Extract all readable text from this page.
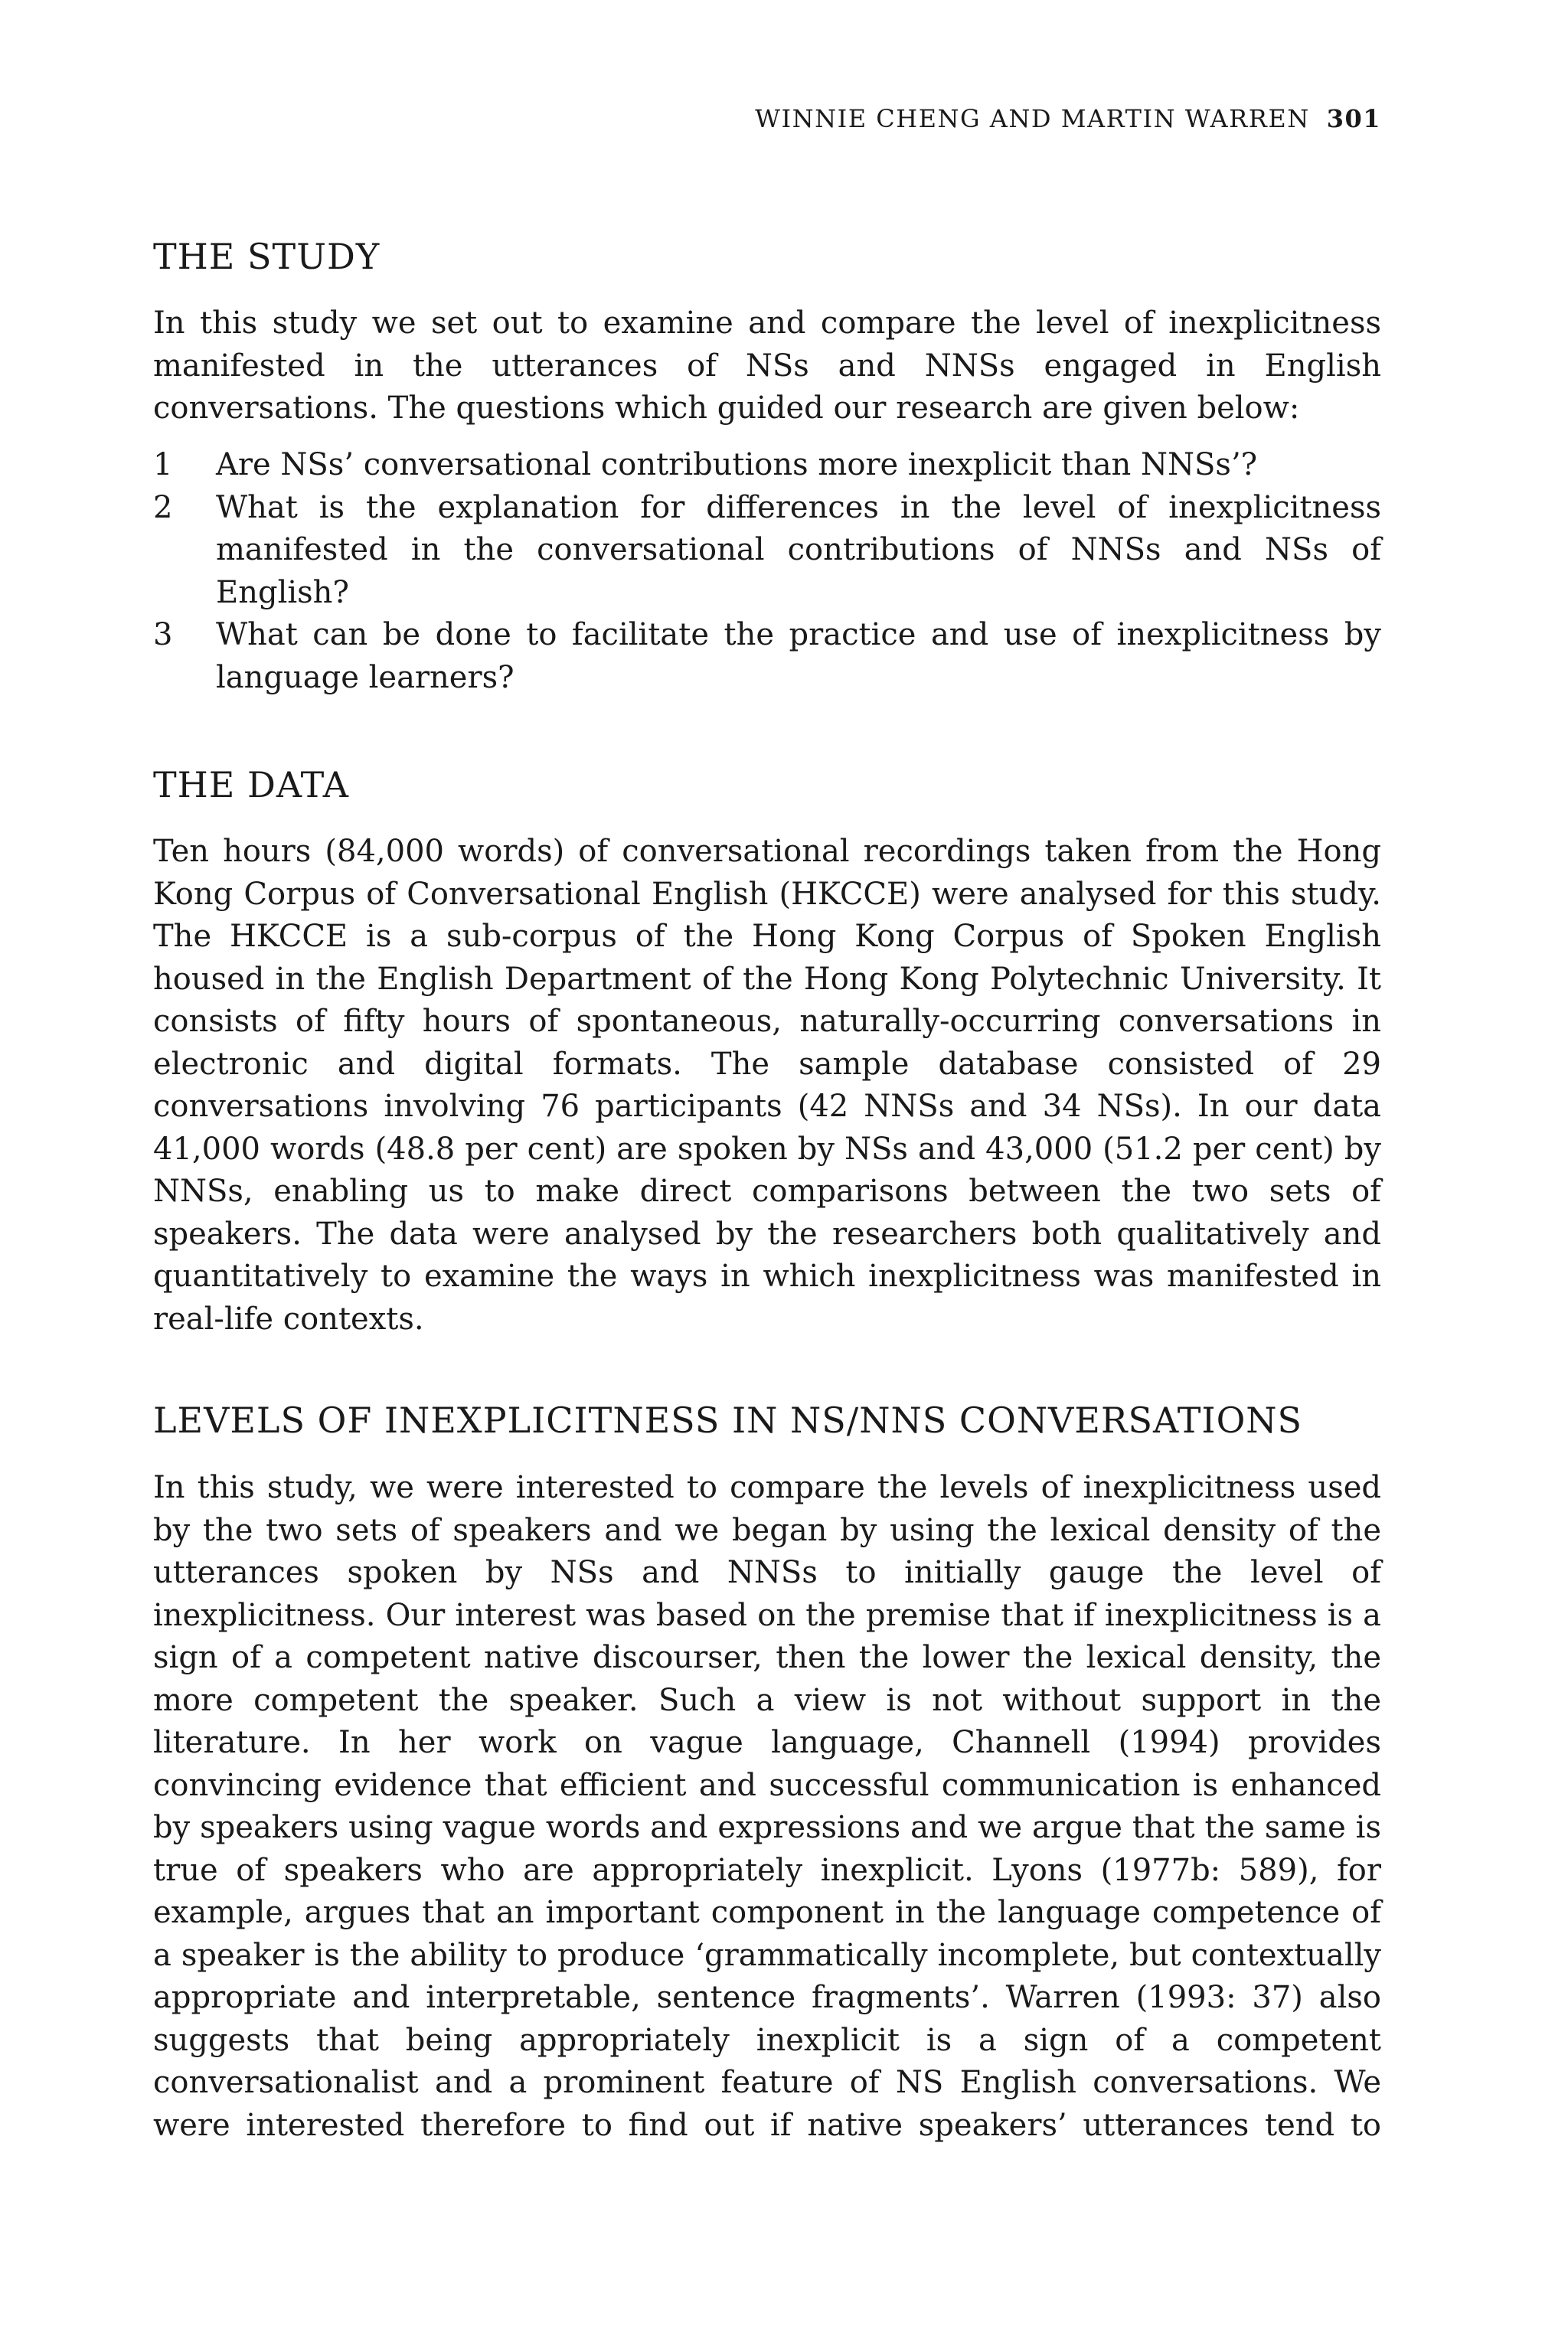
WINNIE CHENG AND MARTIN WARREN 301
THE STUDY

In this study we set out to examine and compare the level of inexplicitness manifested in the utterances of NSs and NNSs engaged in English conversations. The questions which guided our research are given below:

1 Are NSs’ conversational contributions more inexplicit than NNSs’?
2 What is the explanation for differences in the level of inexplicitness manifested in the conversational contributions of NNSs and NSs of English?
3 What can be done to facilitate the practice and use of inexplicitness by language learners?
THE DATA

Ten hours (84,000 words) of conversational recordings taken from the Hong Kong Corpus of Conversational English (HKCCE) were analysed for this study. The HKCCE is a sub-corpus of the Hong Kong Corpus of Spoken English housed in the English Department of the Hong Kong Polytechnic University. It consists of fifty hours of spontaneous, naturally-occurring conversations in electronic and digital formats. The sample database consisted of 29 conversations involving 76 participants (42 NNSs and 34 NSs). In our data 41,000 words (48.8 per cent) are spoken by NSs and 43,000 (51.2 per cent) by NNSs, enabling us to make direct comparisons between the two sets of speakers. The data were analysed by the researchers both qualitatively and quantitatively to examine the ways in which inexplicitness was manifested in real-life contexts.

LEVELS OF INEXPLICITNESS IN NS/NNS CONVERSATIONS

In this study, we were interested to compare the levels of inexplicitness used by the two sets of speakers and we began by using the lexical density of the utterances spoken by NSs and NNSs to initially gauge the level of inexplicitness. Our interest was based on the premise that if inexplicitness is a sign of a competent native discourser, then the lower the lexical density, the more competent the speaker. Such a view is not without support in the literature. In her work on vague language, Channell (1994) provides convincing evidence that efficient and successful communication is enhanced by speakers using vague words and expressions and we argue that the same is true of speakers who are appropriately inexplicit. Lyons (1977b: 589), for example, argues that an important component in the language competence of a speaker is the ability to produce ‘grammatically incomplete, but contextually appropriate and interpretable, sentence fragments’. Warren (1993: 37) also suggests that being appropriately inexplicit is a sign of a competent conversationalist and a prominent feature of NS English conversations. We were interested therefore to find out if native speakers’ utterances tend to
